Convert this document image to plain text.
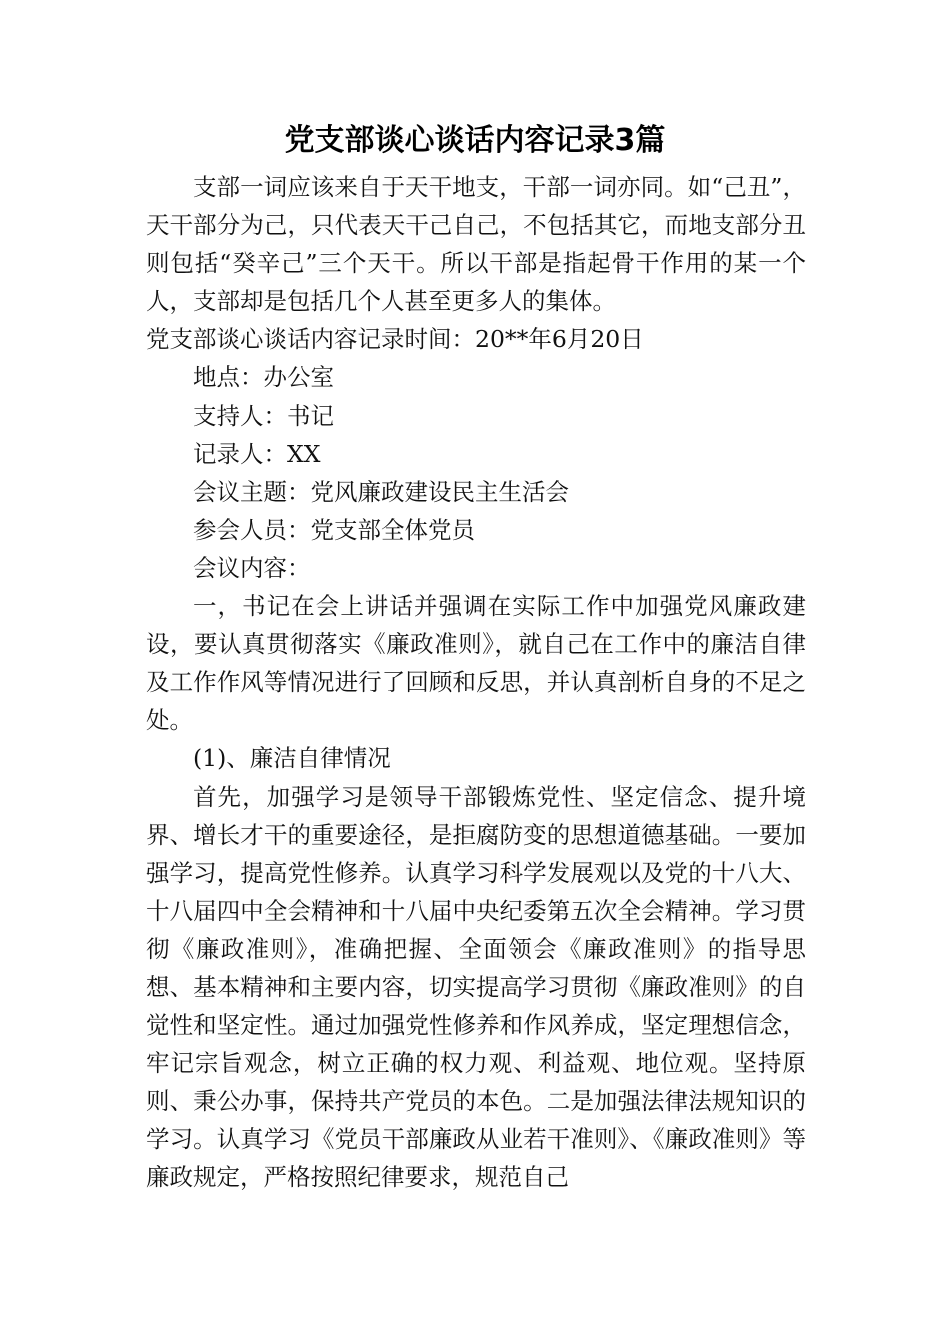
党支部谈心谈话内容记录3篇

支部一词应该来自于天干地支，干部一词亦同。如“己丑”，天干部分为己，只代表天干己自己，不包括其它，而地支部分丑则包括“癸辛己”三个天干。所以干部是指起骨干作用的某一个人，支部却是包括几个人甚至更多人的集体。

党支部谈心谈话内容记录时间：20**年6月20日

地点：办公室

支持人：书记

记录人：XX

会议主题：党风廉政建设民主生活会

参会人员：党支部全体党员

会议内容：

一，书记在会上讲话并强调在实际工作中加强党风廉政建设，要认真贯彻落实《廉政准则》，就自己在工作中的廉洁自律及工作作风等情况进行了回顾和反思，并认真剖析自身的不足之处。

(1)、廉洁自律情况

首先，加强学习是领导干部锻炼党性、坚定信念、提升境界、增长才干的重要途径，是拒腐防变的思想道德基础。一要加强学习，提高党性修养。认真学习科学发展观以及党的十八大、十八届四中全会精神和十八届中央纪委第五次全会精神。学习贯彻《廉政准则》，准确把握、全面领会《廉政准则》的指导思想、基本精神和主要内容，切实提高学习贯彻《廉政准则》的自觉性和坚定性。通过加强党性修养和作风养成，坚定理想信念，牢记宗旨观念，树立正确的权力观、利益观、地位观。坚持原则、秉公办事，保持共产党员的本色。二是加强法律法规知识的学习。认真学习《党员干部廉政从业若干准则》、《廉政准则》等廉政规定，严格按照纪律要求，规范自己
